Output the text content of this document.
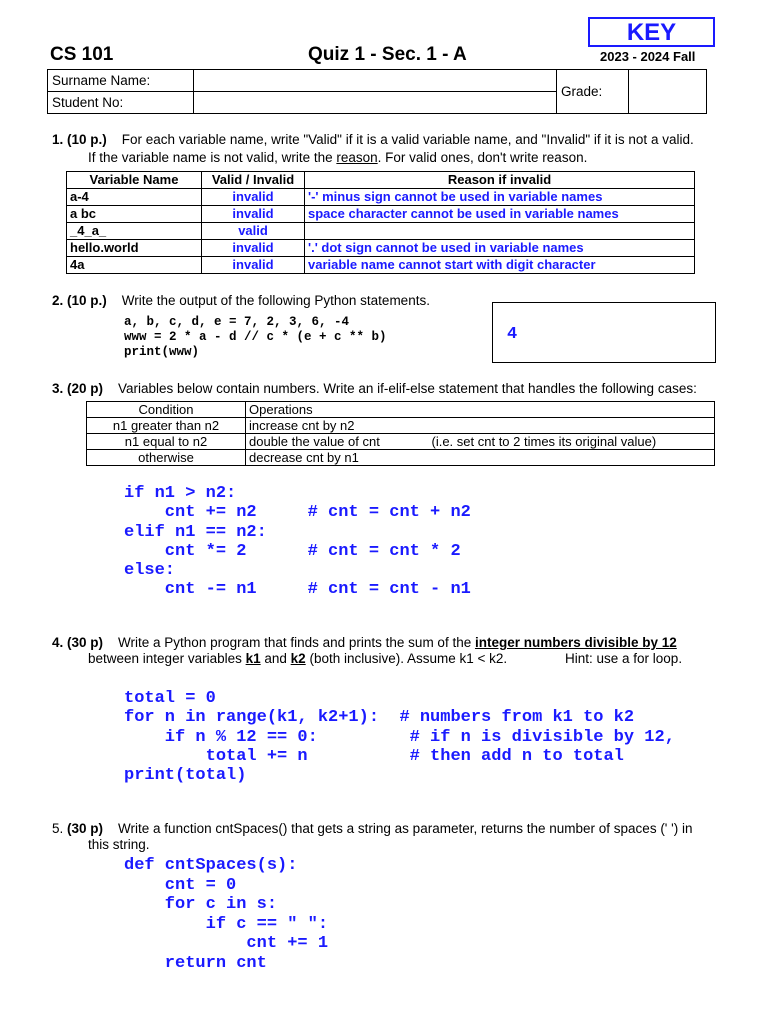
KEY
CS 101	Quiz 1 - Sec. 1 - A	2023 - 2024 Fall
Surname Name:		Grade:	
Student No:			
1. (10 p.) For each variable name, write "Valid" if it is a valid variable name, and "Invalid" if it is not a valid.
If the variable name is not valid, write the reason. For valid ones, don't write reason.
Variable Name	Valid / Invalid	Reason if invalid
a-4	invalid	'-' minus sign cannot be used in variable names
a bc	invalid	space character cannot be used in variable names
_4_a_	valid	
hello.world	invalid	'.' dot sign cannot be used in variable names
4a	invalid	variable name cannot start with digit character
2. (10 p.) Write the output of the following Python statements.
a, b, c, d, e = 7, 2, 3, 6, -4
www = 2 * a - d // c * (e + c ** b)
print(www)
4
3. (20 p) Variables below contain numbers. Write an if-elif-else statement that handles the following cases:
Condition	Operations
n1 greater than n2	increase cnt by n2
n1 equal to n2	double the value of cnt (i.e. set cnt to 2 times its original value)

otherwise	decrease cnt by n1
if n1 > n2:
cnt += n2     # cnt = cnt + n2
elif n1 == n2:
cnt *= 2      # cnt = cnt * 2
else:
cnt -= n1     # cnt = cnt - n1
4. (30 p) Write a Python program that finds and prints the sum of the integer numbers divisible by 12
between integer variables k1 and k2 (both inclusive). Assume k1 < k2.	Hint: use a for loop.
total = 0
for n in range(k1, k2+1):  # numbers from k1 to k2
if n % 12 == 0:         # if n is divisible by 12,
total += n          # then add n to total
print(total)
5. (30 p) Write a function cntSpaces() that gets a string as parameter, returns the number of spaces (' ') in
this string.
def cntSpaces(s):
cnt = 0
for c in s:
if c == " ":
cnt += 1
return cnt
